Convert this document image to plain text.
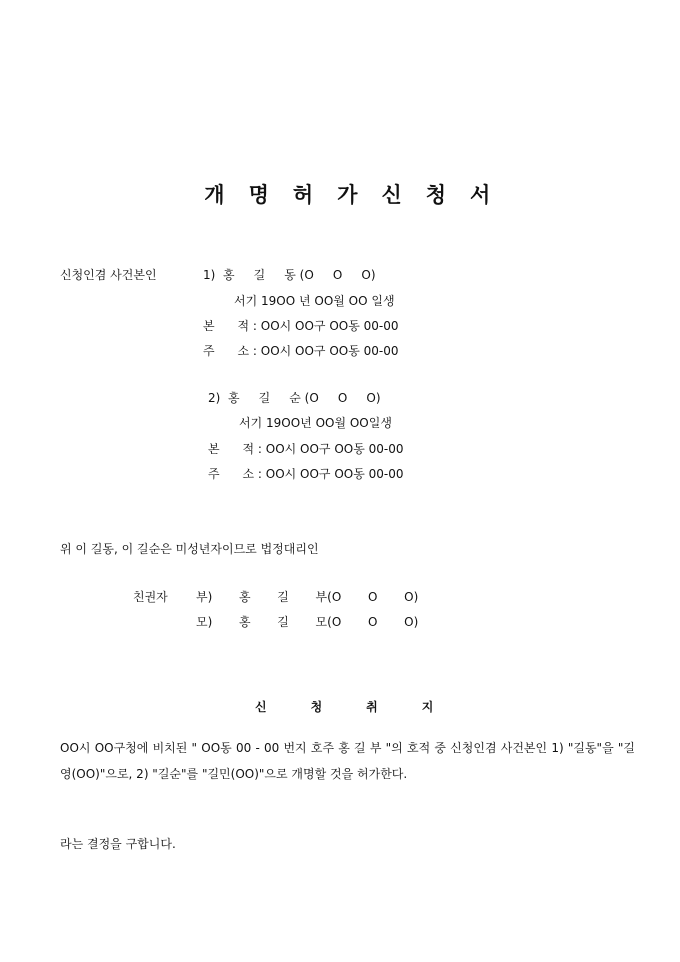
개 명 허 가 신 청 서

신청인겸 사건본인	1)  홍     길     동 (O     O     O)
서기 19OO 년 OO월 OO 일생
본      적 : OO시 OO구 OO동 00-00
주      소 : OO시 OO구 OO동 00-00
2)  홍     길     순 (O     O     O)
서기 19OO년 OO월 OO일생
본      적 : OO시 OO구 OO동 00-00
주      소 : OO시 OO구 OO동 00-00
위 이 길동, 이 길순은 미성년자이므로 법정대리인
친권자 부)       홍       길       부(O       O       O)
모)       홍       길       모(O       O       O)

신	청	취	지

OO시 OO구청에 비치된 " OO동 00 - 00 번지 호주 홍 길 부 "의 호적 중 신청인겸 사건본인 1) "길동"을 "길영(OO)"으로, 2) "길순"를 "길민(OO)"으로 개명할 것을 허가한다.
라는 결정을 구합니다.
